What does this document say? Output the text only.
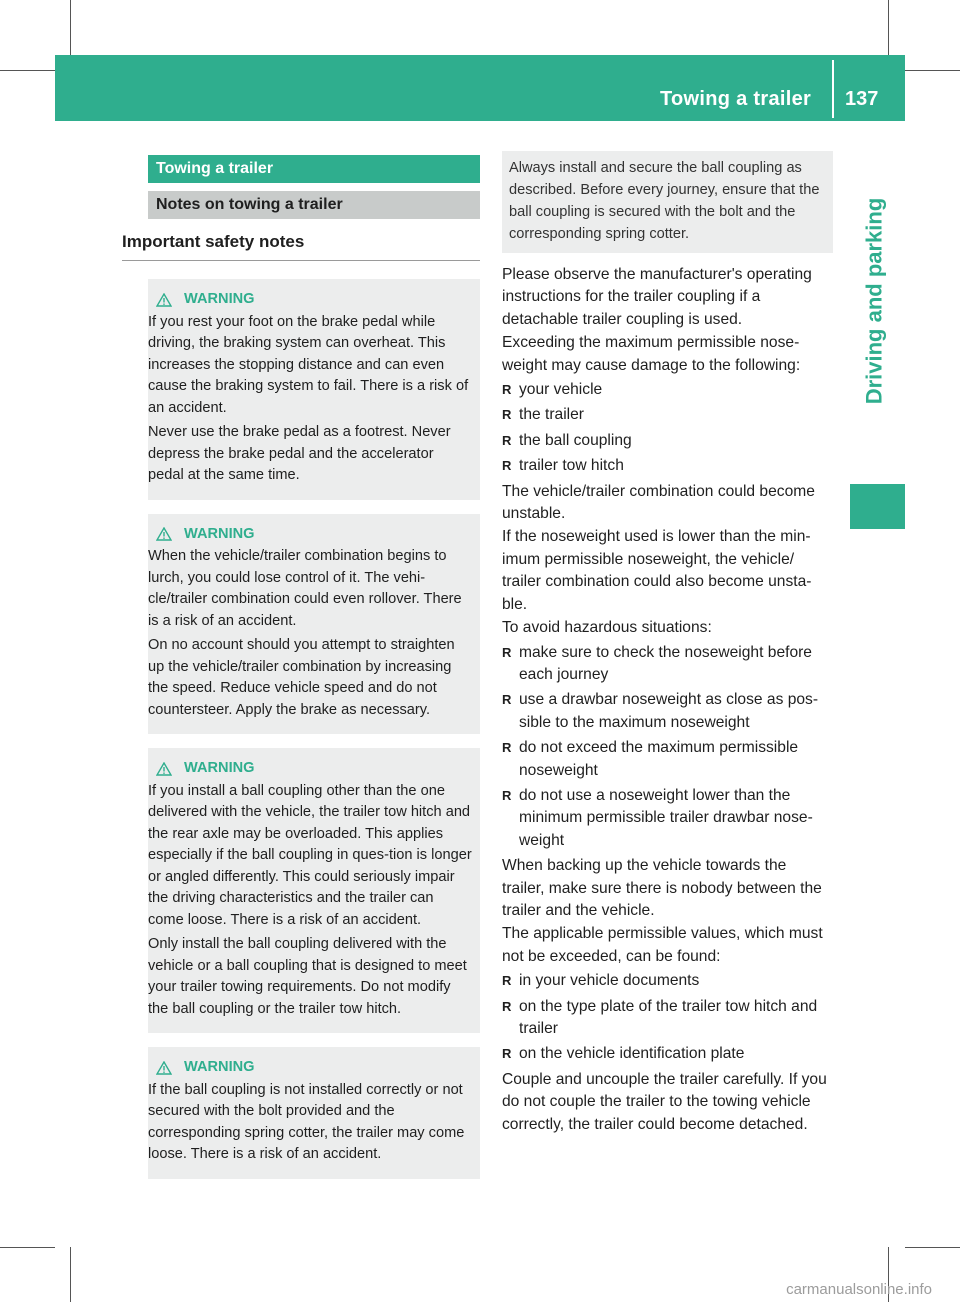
Towing a trailer 137
Driving and parking
Towing a trailer
Notes on towing a trailer
Important safety notes
WARNING

If you rest your foot on the brake pedal while driving, the braking system can overheat. This increases the stopping distance and can even cause the braking system to fail. There is a risk of an accident.

Never use the brake pedal as a footrest. Never depress the brake pedal and the accelerator pedal at the same time.

WARNING

When the vehicle/trailer combination begins to lurch, you could lose control of it. The vehi-cle/trailer combination could even rollover. There is a risk of an accident.

On no account should you attempt to straighten up the vehicle/trailer combination by increasing the speed. Reduce vehicle speed and do not countersteer. Apply the brake as necessary.

WARNING

If you install a ball coupling other than the one delivered with the vehicle, the trailer tow hitch and the rear axle may be overloaded. This applies especially if the ball coupling in ques-tion is longer or angled differently. This could seriously impair the driving characteristics and the trailer can come loose. There is a risk of an accident.

Only install the ball coupling delivered with the vehicle or a ball coupling that is designed to meet your trailer towing requirements. Do not modify the ball coupling or the trailer tow hitch.

WARNING

If the ball coupling is not installed correctly or not secured with the bolt provided and the corresponding spring cotter, the trailer may come loose. There is a risk of an accident.

Always install and secure the ball coupling as described. Before every journey, ensure that the ball coupling is secured with the bolt and the corresponding spring cotter.

Please observe the manufacturer's operating instructions for the trailer coupling if a detachable trailer coupling is used.

Exceeding the maximum permissible nose-weight may cause damage to the following:

R your vehicle
R the trailer
R the ball coupling
R trailer tow hitch

The vehicle/trailer combination could become unstable.

If the noseweight used is lower than the min-imum permissible noseweight, the vehicle/ trailer combination could also become unsta-ble.

To avoid hazardous situations:

R make sure to check the noseweight before each journey
R use a drawbar noseweight as close as pos-sible to the maximum noseweight
R do not exceed the maximum permissible noseweight
R do not use a noseweight lower than the minimum permissible trailer drawbar nose-weight

When backing up the vehicle towards the trailer, make sure there is nobody between the trailer and the vehicle.

The applicable permissible values, which must not be exceeded, can be found:

R in your vehicle documents
R on the type plate of the trailer tow hitch and trailer
R on the vehicle identification plate

Couple and uncouple the trailer carefully. If you do not couple the trailer to the towing vehicle correctly, the trailer could become detached.

carmanualsonline.info
